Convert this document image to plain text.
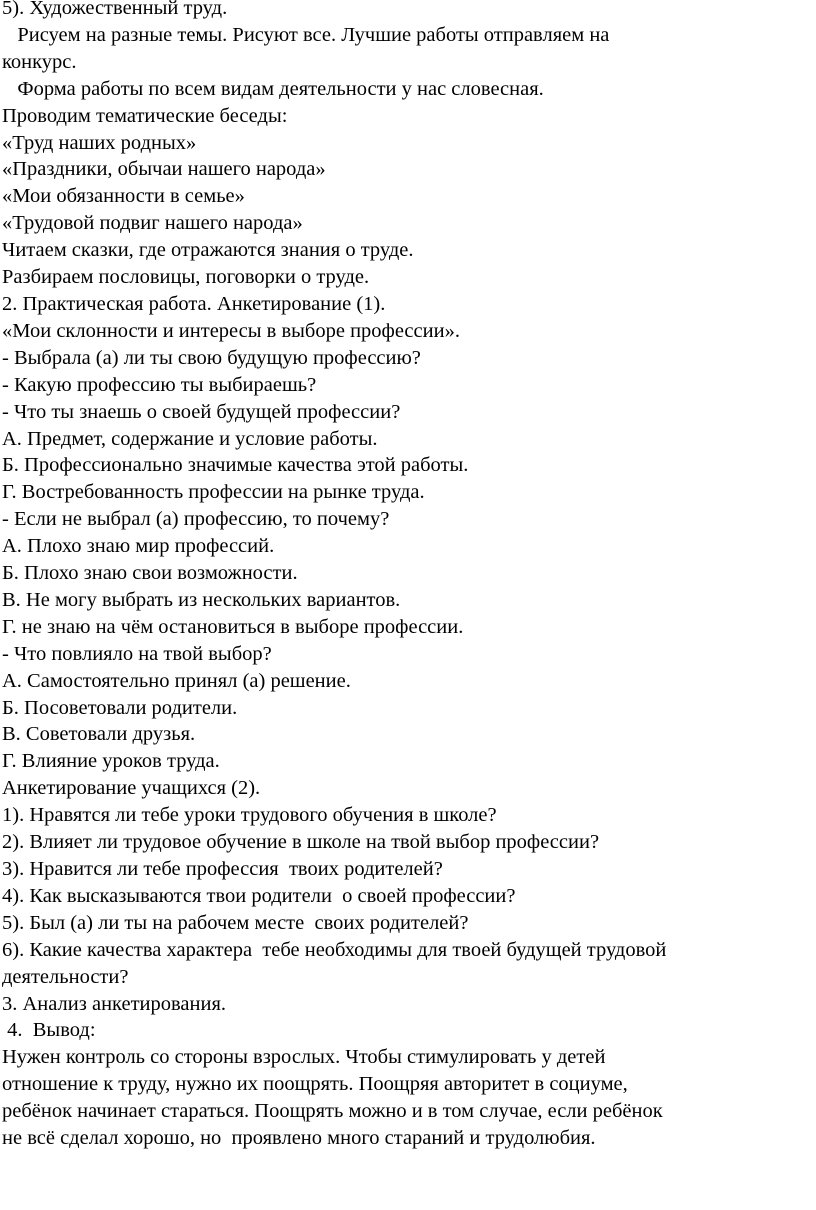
5). Художественный труд.
Рисуем на разные темы. Рисуют все. Лучшие работы отправляем на
конкурс.
Форма работы по всем видам деятельности у нас словесная.
Проводим тематические беседы:
«Труд наших родных»
«Праздники, обычаи нашего народа»
«Мои обязанности в семье»
«Трудовой подвиг нашего народа»
Читаем сказки, где отражаются знания о труде.
Разбираем пословицы, поговорки о труде.
2. Практическая работа. Анкетирование (1).
«Мои склонности и интересы в выборе профессии».
- Выбрала (а) ли ты свою будущую профессию?
- Какую профессию ты выбираешь?
- Что ты знаешь о своей будущей профессии?
А. Предмет, содержание и условие работы.
Б. Профессионально значимые качества этой работы.
Г. Востребованность профессии на рынке труда.
- Если не выбрал (а) профессию, то почему?
А. Плохо знаю мир профессий.
Б. Плохо знаю свои возможности.
В. Не могу выбрать из нескольких вариантов.
Г. не знаю на чём остановиться в выборе профессии.
- Что повлияло на твой выбор?
А. Самостоятельно принял (а) решение.
Б. Посоветовали родители.
В. Советовали друзья.
Г. Влияние уроков труда.
Анкетирование учащихся (2).
1). Нравятся ли тебе уроки трудового обучения в школе?
2). Влияет ли трудовое обучение в школе на твой выбор профессии?
3). Нравится ли тебе профессия  твоих родителей?
4). Как высказываются твои родители  о своей профессии?
5). Был (а) ли ты на рабочем месте  своих родителей?
6). Какие качества характера  тебе необходимы для твоей будущей трудовой
деятельности?
3. Анализ анкетирования.
4.  Вывод:
Нужен контроль со стороны взрослых. Чтобы стимулировать у детей
отношение к труду, нужно их поощрять. Поощряя авторитет в социуме,
ребёнок начинает стараться. Поощрять можно и в том случае, если ребёнок
не всё сделал хорошо, но  проявлено много стараний и трудолюбия.
